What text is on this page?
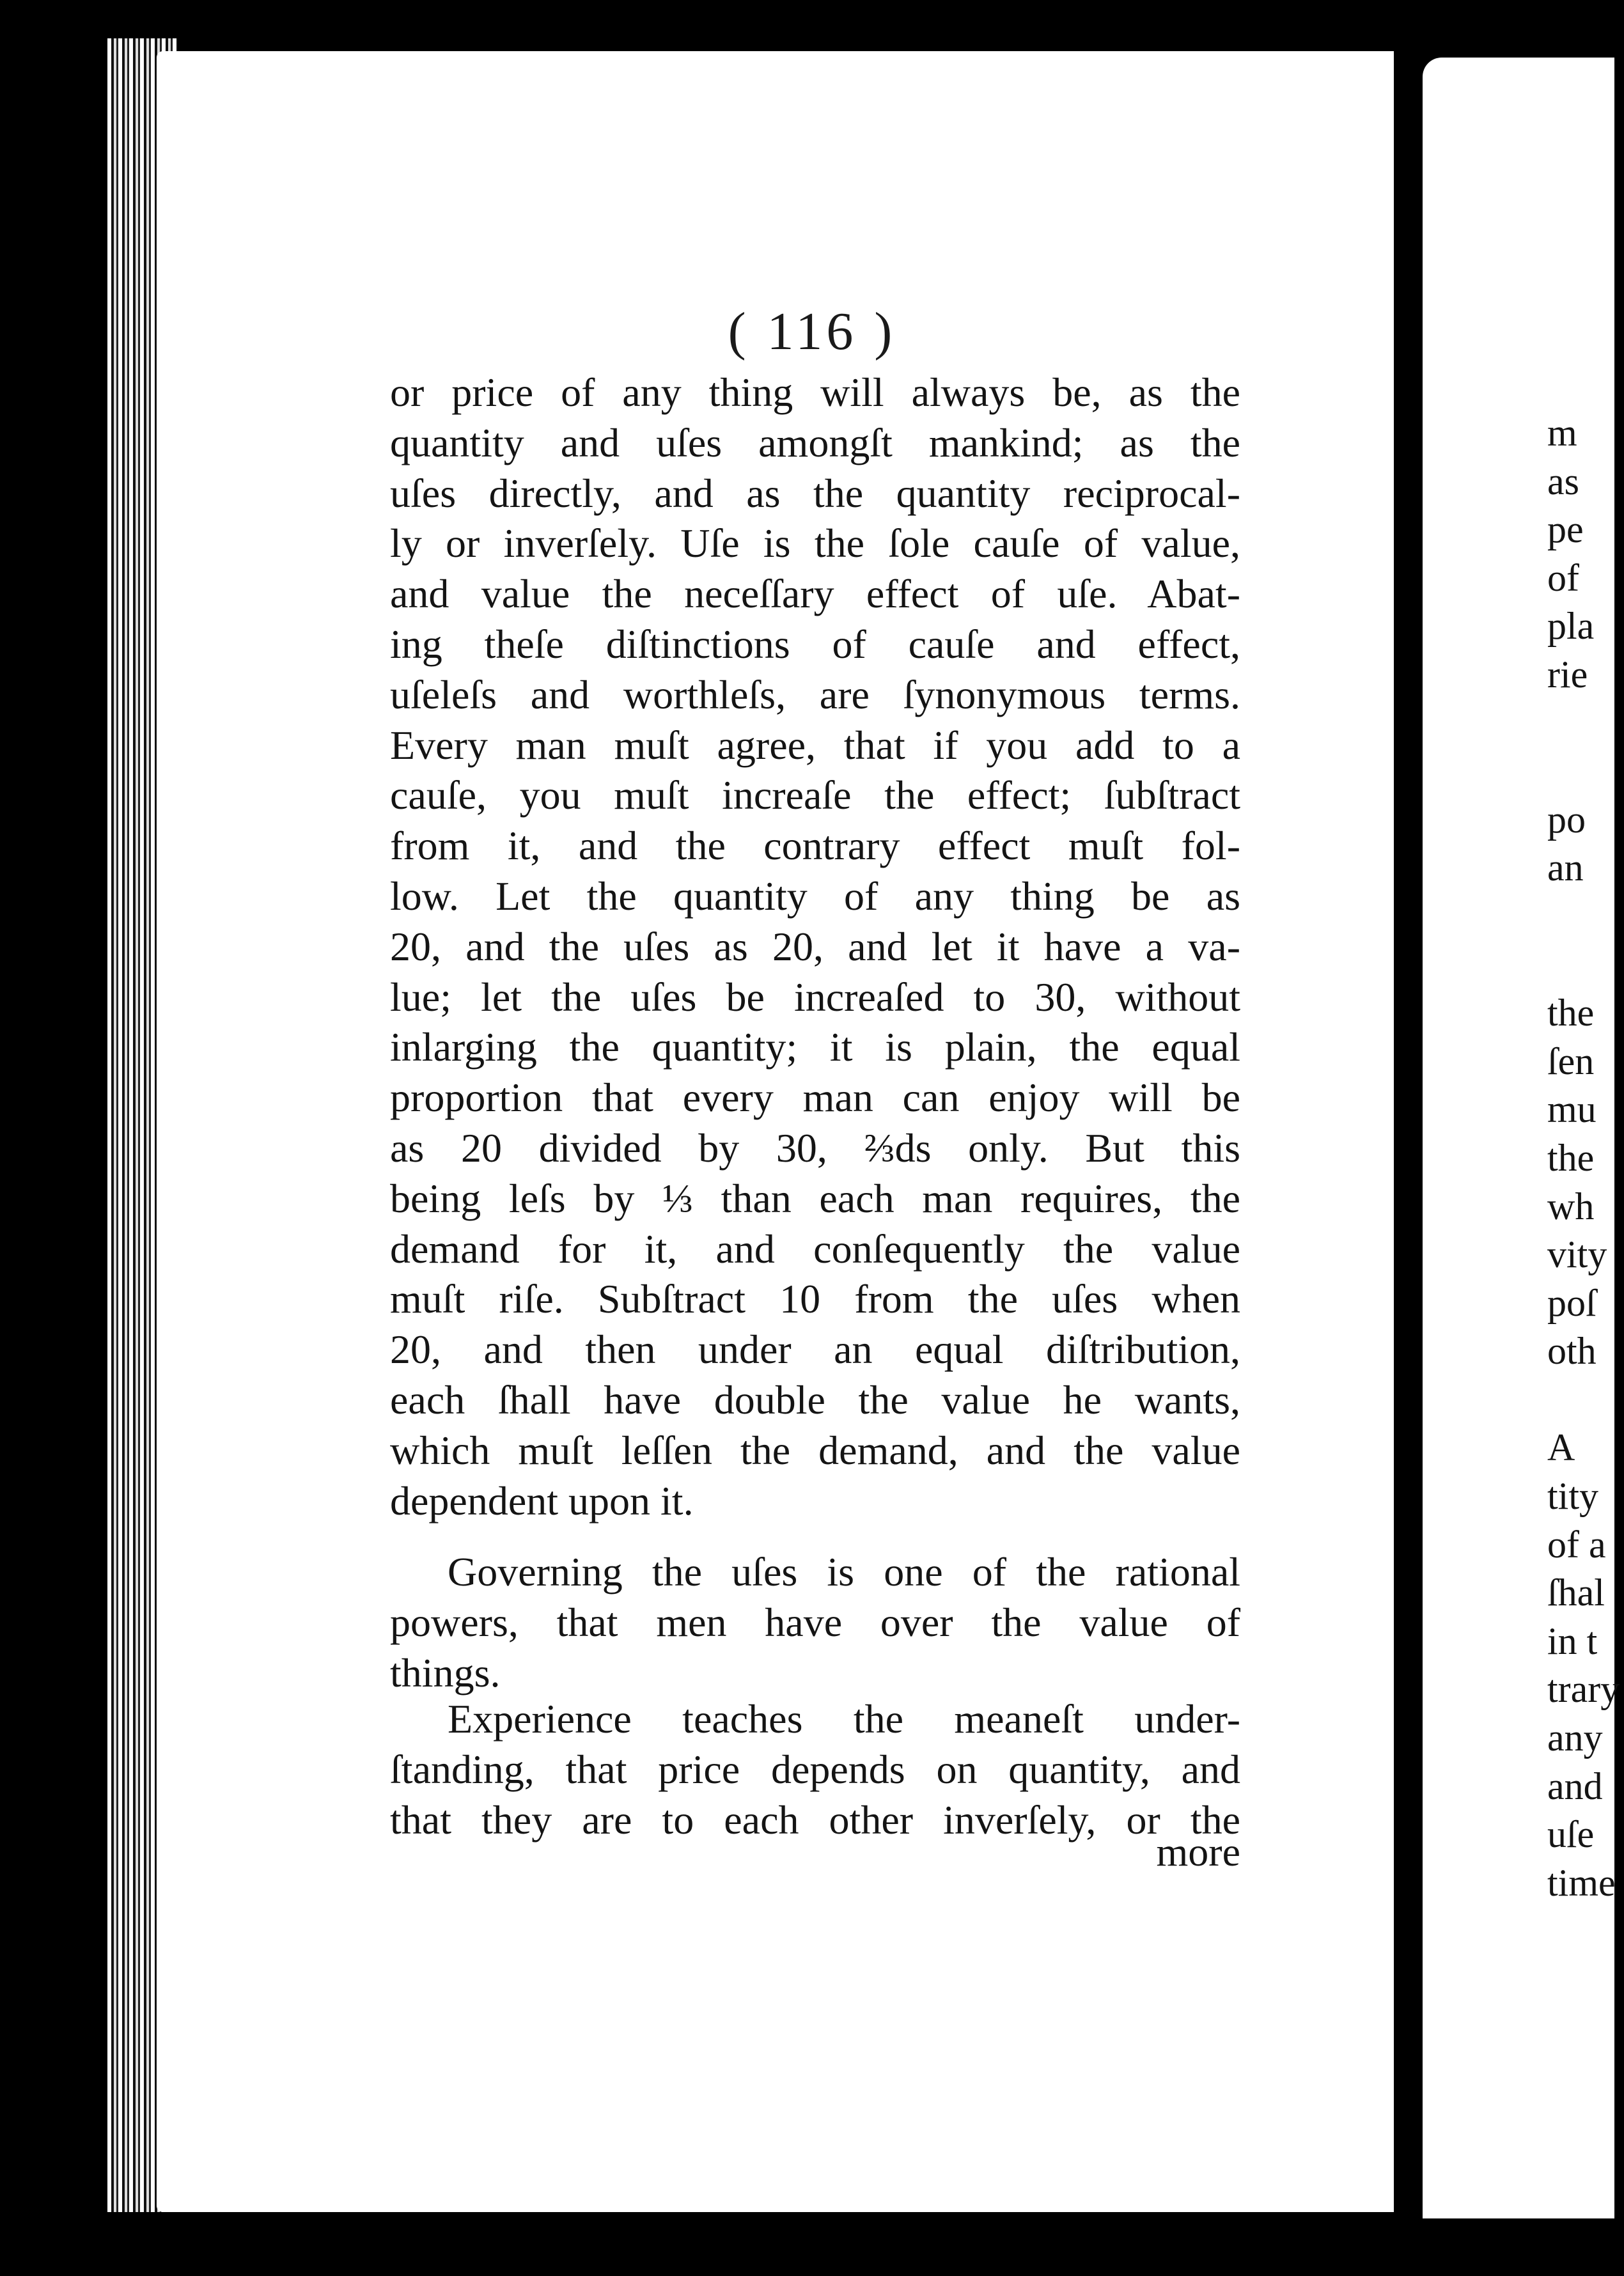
( 116 )
or price of any thing will always be, as the
quantity and uſes amongſt mankind; as the
uſes directly, and as the quantity reciprocal-
ly or inverſely. Uſe is the ſole cauſe of value,
and value the neceſſary effect of uſe. Abat-
ing theſe diſtinctions of cauſe and effect,
uſeleſs and worthleſs, are ſynonymous terms.
Every man muſt agree, that if you add to a
cauſe, you muſt increaſe the effect; ſubſtract
from it, and the contrary effect muſt fol-
low. Let the quantity of any thing be as
20, and the uſes as 20, and let it have a va-
lue; let the uſes be increaſed to 30, without
inlarging the quantity; it is plain, the equal
proportion that every man can enjoy will be
as 20 divided by 30, ⅔ds only. But this
being leſs by ⅓ than each man requires, the
demand for it, and conſequently the value
muſt riſe. Subſtract 10 from the uſes when
20, and then under an equal diſtribution,
each ſhall have double the value he wants,
which muſt leſſen the demand, and the value
dependent upon it.
Governing the uſes is one of the rational
powers, that men have over the value of
things.
Experience teaches the meaneſt under-
ſtanding, that price depends on quantity, and
that they are to each other inverſely, or the
more
m
as
pe
of
pla
rie
po
an
the
ſen
mu
the
wh
vity
poſ
oth
A
tity
of a
ſhal
in t
trary
any
and
uſe
time
